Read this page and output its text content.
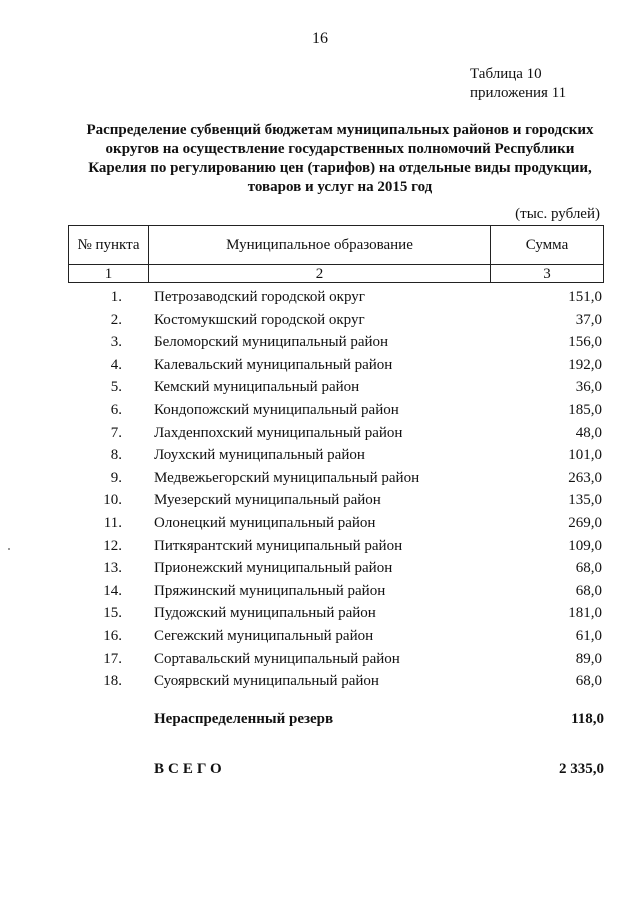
16
Таблица 10
приложения 11
Распределение субвенций бюджетам муниципальных районов и городских округов на осуществление государственных полномочий Республики Карелия по регулированию цен (тарифов) на отдельные виды продукции, товаров и услуг на 2015 год
(тыс. рублей)
№ пункта	Муниципальное образование	Сумма
1	2	3
1. Петрозаводский городской округ	151,0
2. Костомукшский городской округ	37,0
3. Беломорский муниципальный район	156,0
4. Калевальский муниципальный район	192,0
5. Кемский муниципальный район	36,0
6. Кондопожский муниципальный район	185,0
7. Лахденпохский муниципальный район	48,0
8. Лоухский муниципальный район	101,0
9. Медвежьегорский муниципальный район	263,0
10. Муезерский муниципальный район	135,0
11. Олонецкий муниципальный район	269,0
12. Питкярантский муниципальный район	109,0
13. Прионежский муниципальный район	68,0
14. Пряжинский муниципальный район	68,0
15. Пудожский муниципальный район	181,0
16. Сегежский муниципальный район	61,0
17. Сортавальский муниципальный район	89,0
18. Суоярвский муниципальный район	68,0
Нераспределенный резерв	118,0
ВСЕГО	2 335,0
